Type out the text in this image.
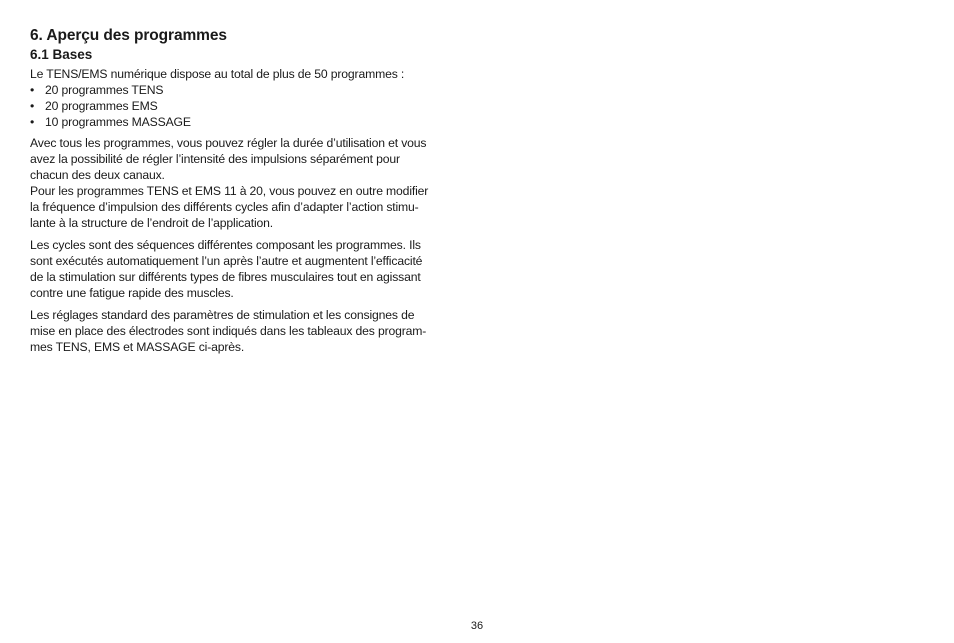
6. Aperçu des programmes
6.1 Bases

Le TENS/EMS numérique dispose au total de plus de 50 programmes :

• 20 programmes TENS
• 20 programmes EMS
• 10 programmes MASSAGE

Avec tous les programmes, vous pouvez régler la durée d’utilisation et vous
avez la possibilité de régler l’intensité des impulsions séparément pour
chacun des deux canaux.

Pour les programmes TENS et EMS 11 à 20, vous pouvez en outre modifier
la fréquence d’impulsion des différents cycles afin d’adapter l’action stimu-
lante à la structure de l’endroit de l’application.

Les cycles sont des séquences différentes composant les programmes. Ils
sont exécutés automatiquement l’un après l’autre et augmentent l’efficacité
de la stimulation sur différents types de fibres musculaires tout en agissant
contre une fatigue rapide des muscles.

Les réglages standard des paramètres de stimulation et les consignes de
mise en place des électrodes sont indiqués dans les tableaux des program-
mes TENS, EMS et MASSAGE ci-après.

36
